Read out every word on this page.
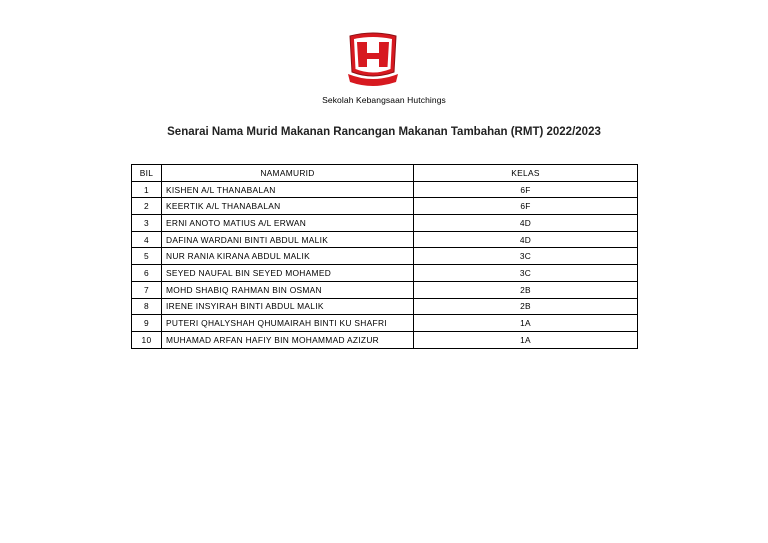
Sekolah Kebangsaan Hutchings
Senarai Nama Murid Makanan Rancangan Makanan Tambahan (RMT) 2022/2023
BIL	NAMAMURID	KELAS
1	KISHEN A/L THANABALAN	6F
2	KEERTIK A/L THANABALAN	6F
3	ERNI ANOTO MATIUS A/L ERWAN	4D
4	DAFINA WARDANI BINTI ABDUL MALIK	4D
5	NUR RANIA KIRANA ABDUL MALIK	3C
6	SEYED NAUFAL BIN SEYED MOHAMED	3C
7	MOHD SHABIQ RAHMAN BIN OSMAN	2B
8	IRENE INSYIRAH BINTI ABDUL MALIK	2B
9	PUTERI QHALYSHAH QHUMAIRAH BINTI KU SHAFRI	1A
10	MUHAMAD ARFAN HAFIY BIN MOHAMMAD AZIZUR	1A
